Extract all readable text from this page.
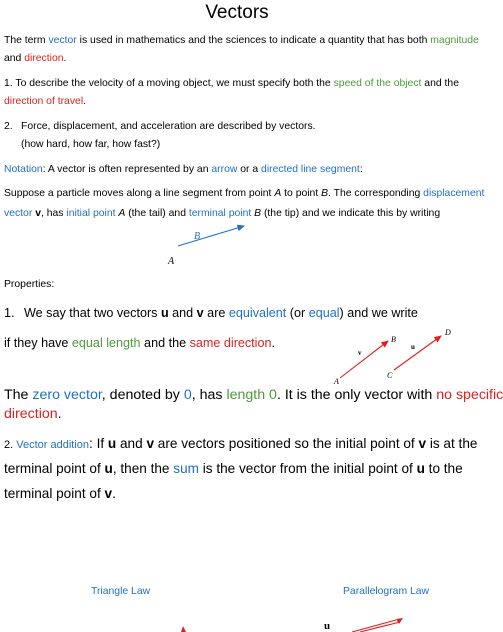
Vectors
The term vector is used in mathematics and the sciences to indicate a quantity that has both magnitude
and direction.
1. To describe the velocity of a moving object, we must specify both the speed of the object and the
direction of travel.
2. Force, displacement, and acceleration are described by vectors.
(how hard, how far, how fast?)
Notation: A vector is often represented by an arrow or a directed line segment:
Suppose a particle moves along a line segment from point A to point B. The corresponding displacement
vector v, has initial point A (the tail) and terminal point B (the tip) and we indicate this by writing
B
A
Properties:
1. We say that two vectors u and v are equivalent (or equal) and we write
if they have equal length and the same direction.	B
D
A
C
v
u
The zero vector, denoted by 0, has length 0. It is the only vector with no specific
direction.
2. Vector addition: If u and v are vectors positioned so the initial point of v is at the
terminal point of u, then the sum is the vector from the initial point of u to the
terminal point of v.
Triangle Law	Parallelogram Law
u
